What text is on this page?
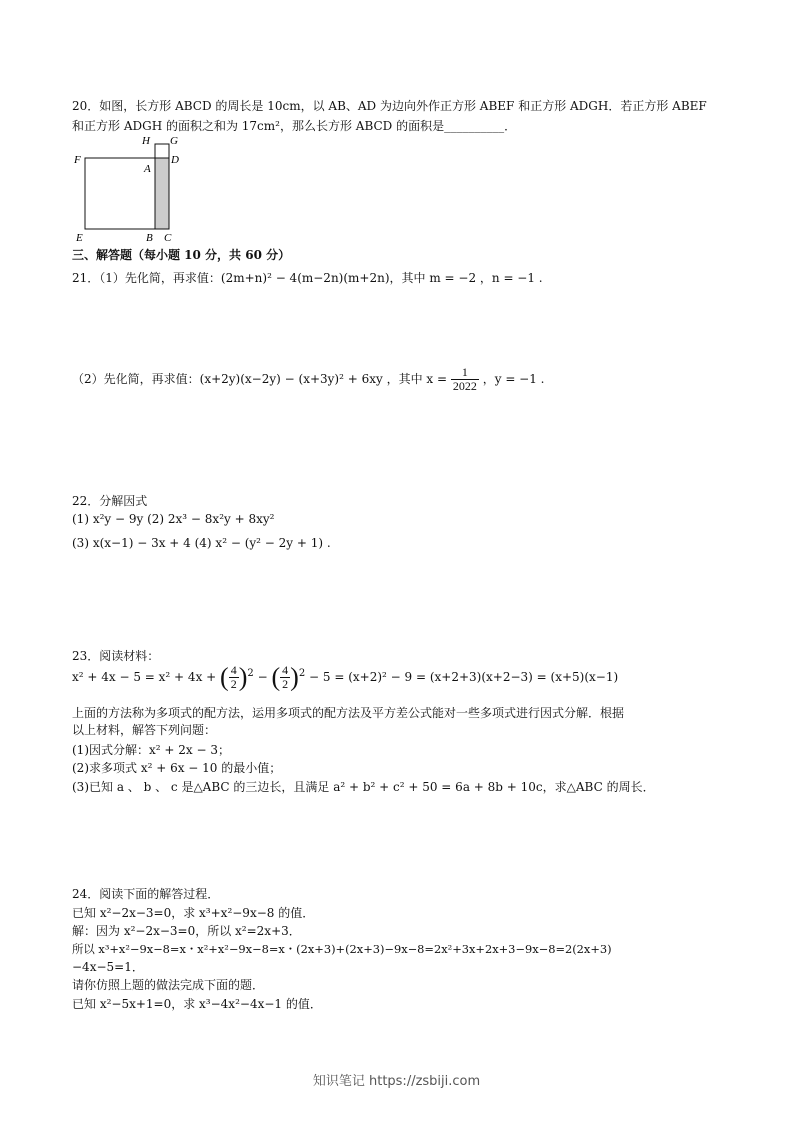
20．如图，长方形 ABCD 的周长是 10cm，以 AB、AD 为边向外作正方形 ABEF 和正方形 ADGH．若正方形 ABEF
和正方形 ADGH 的面积之和为 17cm²，那么长方形 ABCD 的面积是__________．
H G
F
A
D
E	B C
三、解答题（每小题 10 分，共 60 分）
21．（1）先化简，再求值：(2m+n)² − 4(m−2n)(m+2n)，其中 m = −2 ，n = −1 .
（2）先化简，再求值：(x+2y)(x−2y) − (x+3y)² + 6xy ，其中 $x = \frac{1}{2022}$ ，y = −1 .
22．分解因式
(1) x²y − 9y (2) 2x³ − 8x²y + 8xy²
(3) x(x−1) − 3x + 4 (4) x² − (y² − 2y + 1) .
23．阅读材料：
x² + 4x − 5 = x² + 4x + ( $\frac{4}{2} )^2$ − ( $\frac{4}{2} )^2 - 5 = (x+2)^2 - 9 = (x+2+3)(x+2-3) = (x+5)(x-1)$
上面的方法称为多项式的配方法，运用多项式的配方法及平方差公式能对一些多项式进行因式分解．根据
以上材料，解答下列问题：
(1)因式分解：x² + 2x − 3；
(2)求多项式 x² + 6x − 10 的最小值；
(3)已知 a 、 b 、 c 是△ABC 的三边长，且满足 a² + b² + c² + 50 = 6a + 8b + 10c，求△ABC 的周长．
24．阅读下面的解答过程．
已知 x²−2x−3=0，求 x³+x²−9x−8 的值．
解：因为 x²−2x−3=0，所以 x²=2x+3．
所以 x³+x²−9x−8=x・x²+x²−9x−8=x・(2x+3)+(2x+3)−9x−8=2x²+3x+2x+3−9x−8=2(2x+3)
−4x−5=1．
请你仿照上题的做法完成下面的题．
已知 x²−5x+1=0，求 x³−4x²−4x−1 的值．
知识笔记 https://zsbiji.com
